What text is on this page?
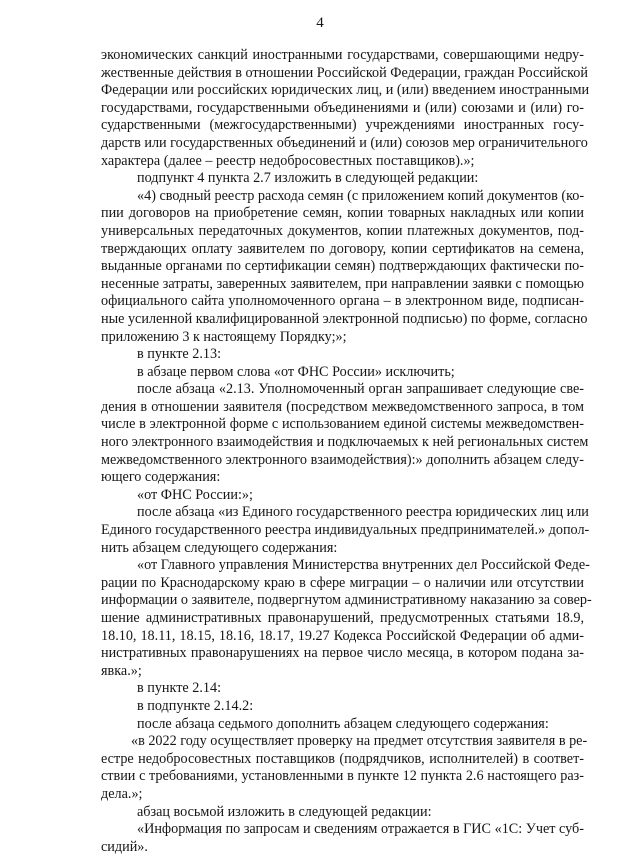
4
экономических санкций иностранными государствами, совершающими недру-
жественные действия в отношении Российской Федерации, граждан Российской
Федерации или российских юридических лиц, и (или) введением иностранными
государствами, государственными объединениями и (или) союзами и (или) го-
сударственными (межгосударственными) учреждениями иностранных госу-
дарств или государственных объединений и (или) союзов мер ограничительного
характера (далее – реестр недобросовестных поставщиков).»;
подпункт 4 пункта 2.7 изложить в следующей редакции:
«4) сводный реестр расхода семян (с приложением копий документов (ко-
пии договоров на приобретение семян, копии товарных накладных или копии
универсальных передаточных документов, копии платежных документов, под-
тверждающих оплату заявителем по договору, копии сертификатов на семена,
выданные органами по сертификации семян) подтверждающих фактически по-
несенные затраты, заверенных заявителем, при направлении заявки с помощью
официального сайта уполномоченного органа – в электронном виде, подписан-
ные усиленной квалифицированной электронной подписью) по форме, согласно
приложению 3 к настоящему Порядку;»;
в пункте 2.13:
в абзаце первом слова «от ФНС России» исключить;
после абзаца «2.13. Уполномоченный орган запрашивает следующие све-
дения в отношении заявителя (посредством межведомственного запроса, в том
числе в электронной форме с использованием единой системы межведомствен-
ного электронного взаимодействия и подключаемых к ней региональных систем
межведомственного электронного взаимодействия):» дополнить абзацем следу-
ющего содержания:
«от ФНС России:»;
после абзаца «из Единого государственного реестра юридических лиц или
Единого государственного реестра индивидуальных предпринимателей.» допол-
нить абзацем следующего содержания:
«от Главного управления Министерства внутренних дел Российской Феде-
рации по Краснодарскому краю в сфере миграции – о наличии или отсутствии
информации о заявителе, подвергнутом административному наказанию за совер-
шение административных правонарушений, предусмотренных статьями 18.9,
18.10, 18.11, 18.15, 18.16, 18.17, 19.27 Кодекса Российской Федерации об адми-
нистративных правонарушениях на первое число месяца, в котором подана за-
явка.»;
в пункте 2.14:
в подпункте 2.14.2:
после абзаца седьмого дополнить абзацем следующего содержания:
«в 2022 году осуществляет проверку на предмет отсутствия заявителя в ре-
естре недобросовестных поставщиков (подрядчиков, исполнителей) в соответ-
ствии с требованиями, установленными в пункте 12 пункта 2.6 настоящего раз-
дела.»;
абзац восьмой изложить в следующей редакции:
«Информация по запросам и сведениям отражается в ГИС «1С: Учет суб-
сидий».
